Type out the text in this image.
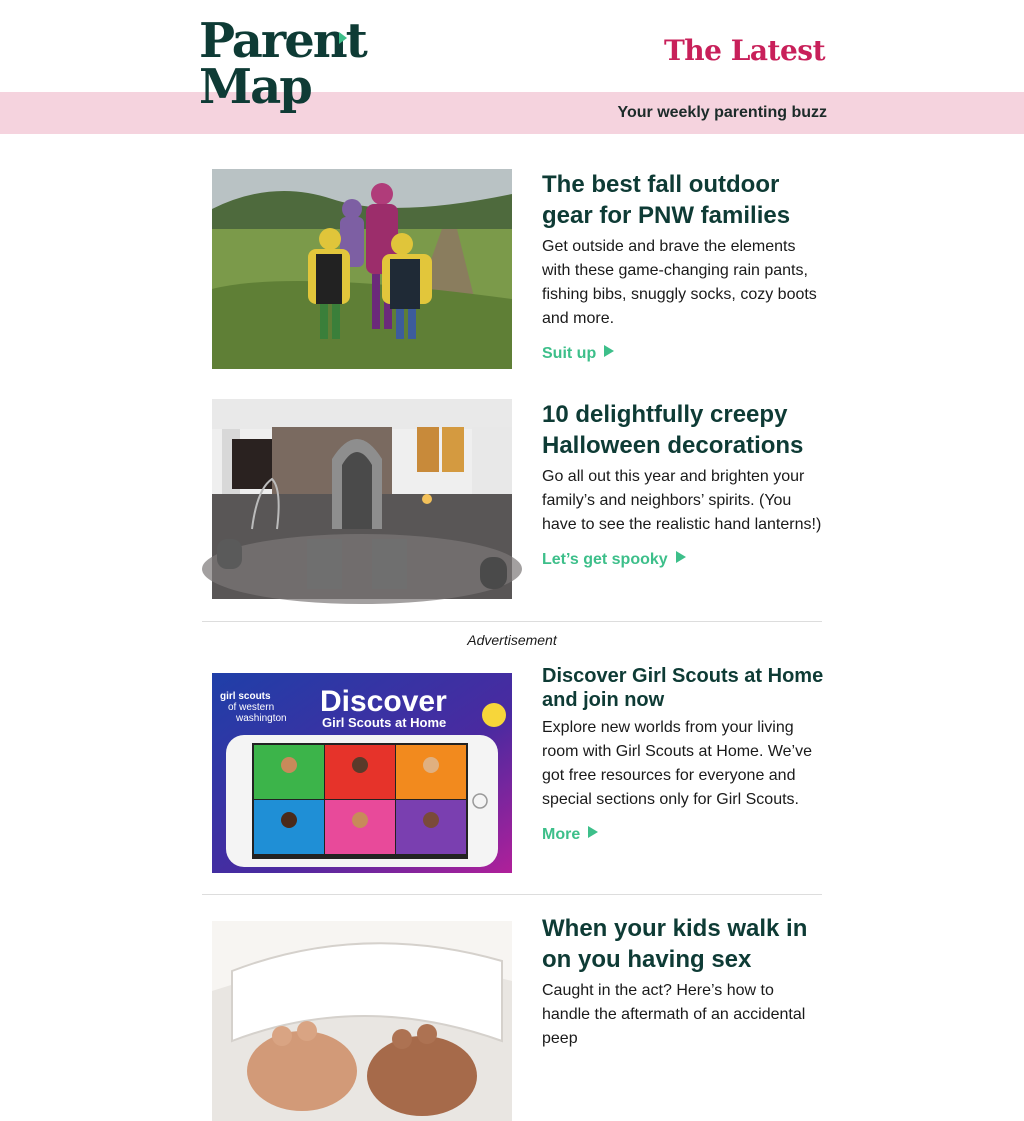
Parent
Map
The Latest
Your weekly parenting buzz
The best fall outdoor gear for PNW families
Get outside and brave the elements with these game-changing rain pants, fishing bibs, snuggly socks, cozy boots and more.
Suit up
10 delightfully creepy Halloween decorations
Go all out this year and brighten your family’s and neighbors’ spirits. (You have to see the realistic hand lanterns!)
Let’s get spooky
Advertisement
girl scouts
of western
washington
Discover
Girl Scouts at Home
Discover Girl Scouts at Home and join now
Explore new worlds from your living room with Girl Scouts at Home. We’ve got free resources for everyone and special sections only for Girl Scouts.
More
When your kids walk in on you having sex
Caught in the act? Here’s how to handle the aftermath of an accidental peep
